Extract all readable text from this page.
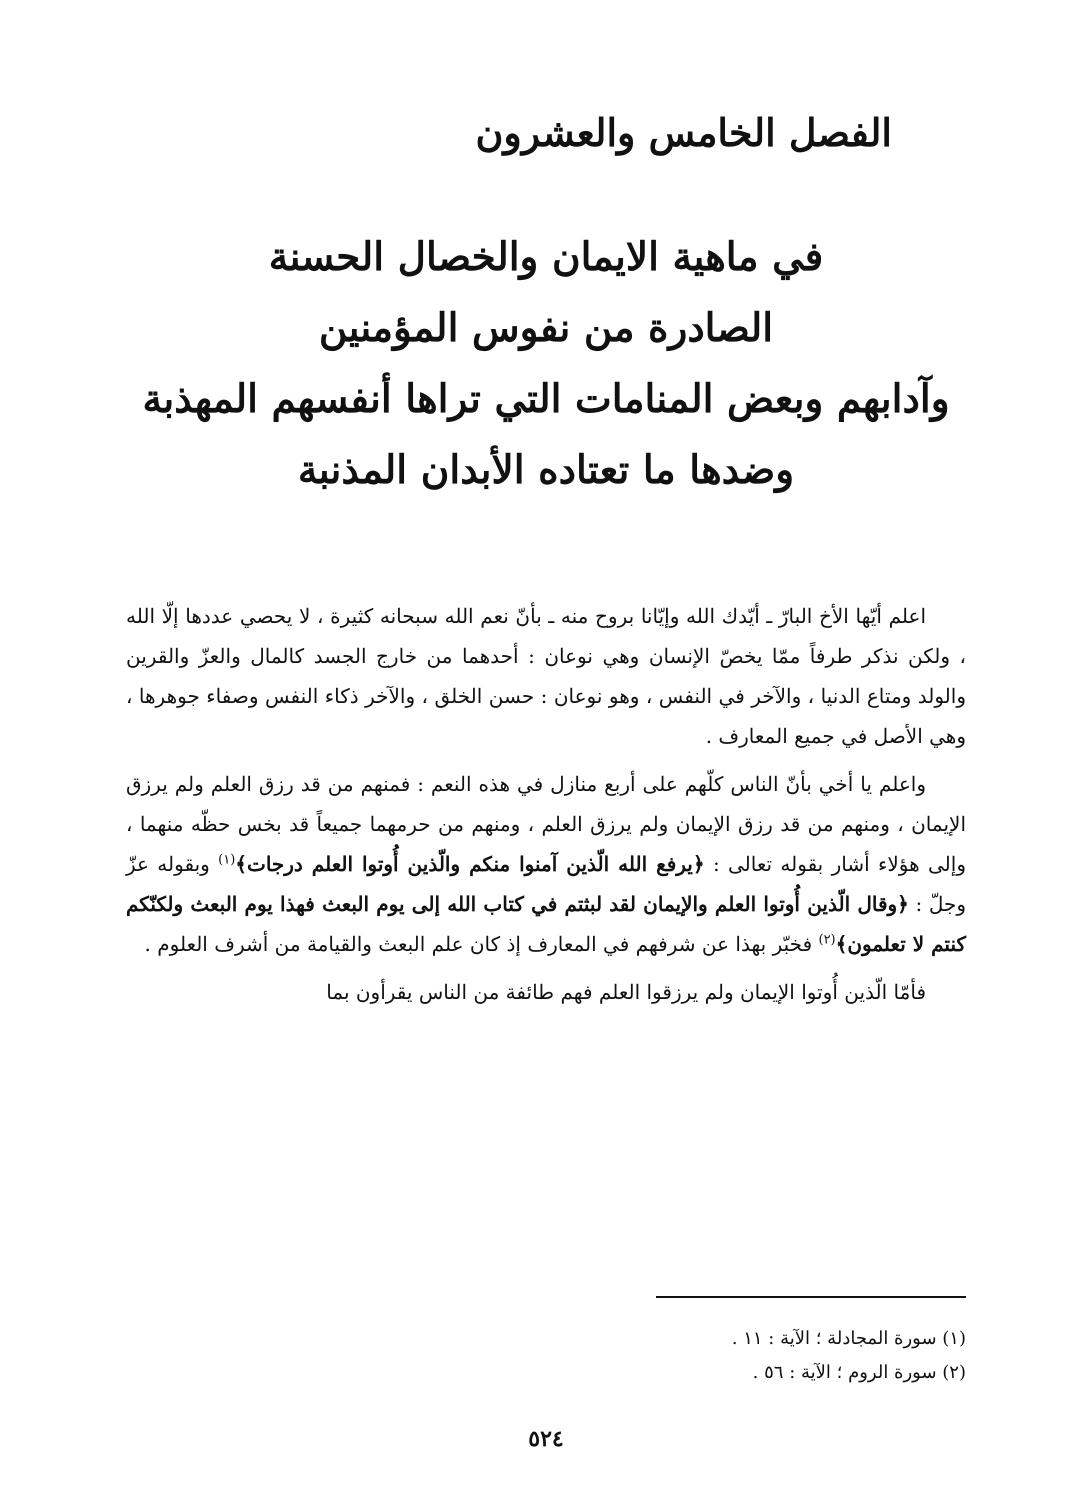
الفصل الخامس والعشرون
في ماهية الايمان والخصال الحسنة
الصادرة من نفوس المؤمنين
وآدابهم وبعض المنامات التي تراها أنفسهم المهذبة
وضدها ما تعتاده الأبدان المذنبة

اعلم أيّها الأخ البارّ ـ أيّدك الله وإيّانا بروح منه ـ بأنّ نعم الله سبحانه كثيرة ، لا يحصي عددها إلّا الله ، ولكن نذكر طرفاً ممّا يخصّ الإنسان وهي نوعان : أحدهما من خارج الجسد كالمال والعزّ والقرين والولد ومتاع الدنيا ، والآخر في النفس ، وهو نوعان : حسن الخلق ، والآخر ذكاء النفس وصفاء جوهرها ، وهي الأصل في جميع المعارف .

واعلم يا أخي بأنّ الناس كلّهم على أربع منازل في هذه النعم : فمنهم من قد رزق العلم ولم يرزق الإيمان ، ومنهم من قد رزق الإيمان ولم يرزق العلم ، ومنهم من حرمهما جميعاً قد بخس حظّه منهما ، وإلى هؤلاء أشار بقوله تعالى : ﴿يرفع الله الّذين آمنوا منكم والّذين أُوتوا العلم درجات﴾$^{(١)}$ وبقوله عزّ وجلّ : ﴿وقال الّذين أُوتوا العلم والإيمان لقد لبثتم في كتاب الله إلى يوم البعث فهذا يوم البعث ولكنّكم كنتم لا تعلمون﴾$^{(٢)}$ فخبّر بهذا عن شرفهم في المعارف إذ كان علم البعث والقيامة من أشرف العلوم .

فأمّا الّذين أُوتوا الإيمان ولم يرزقوا العلم فهم طائفة من الناس يقرأون بما

(١) سورة المجادلة ؛ الآية : ١١ .
(٢) سورة الروم ؛ الآية : ٥٦ .
٥٢٤
